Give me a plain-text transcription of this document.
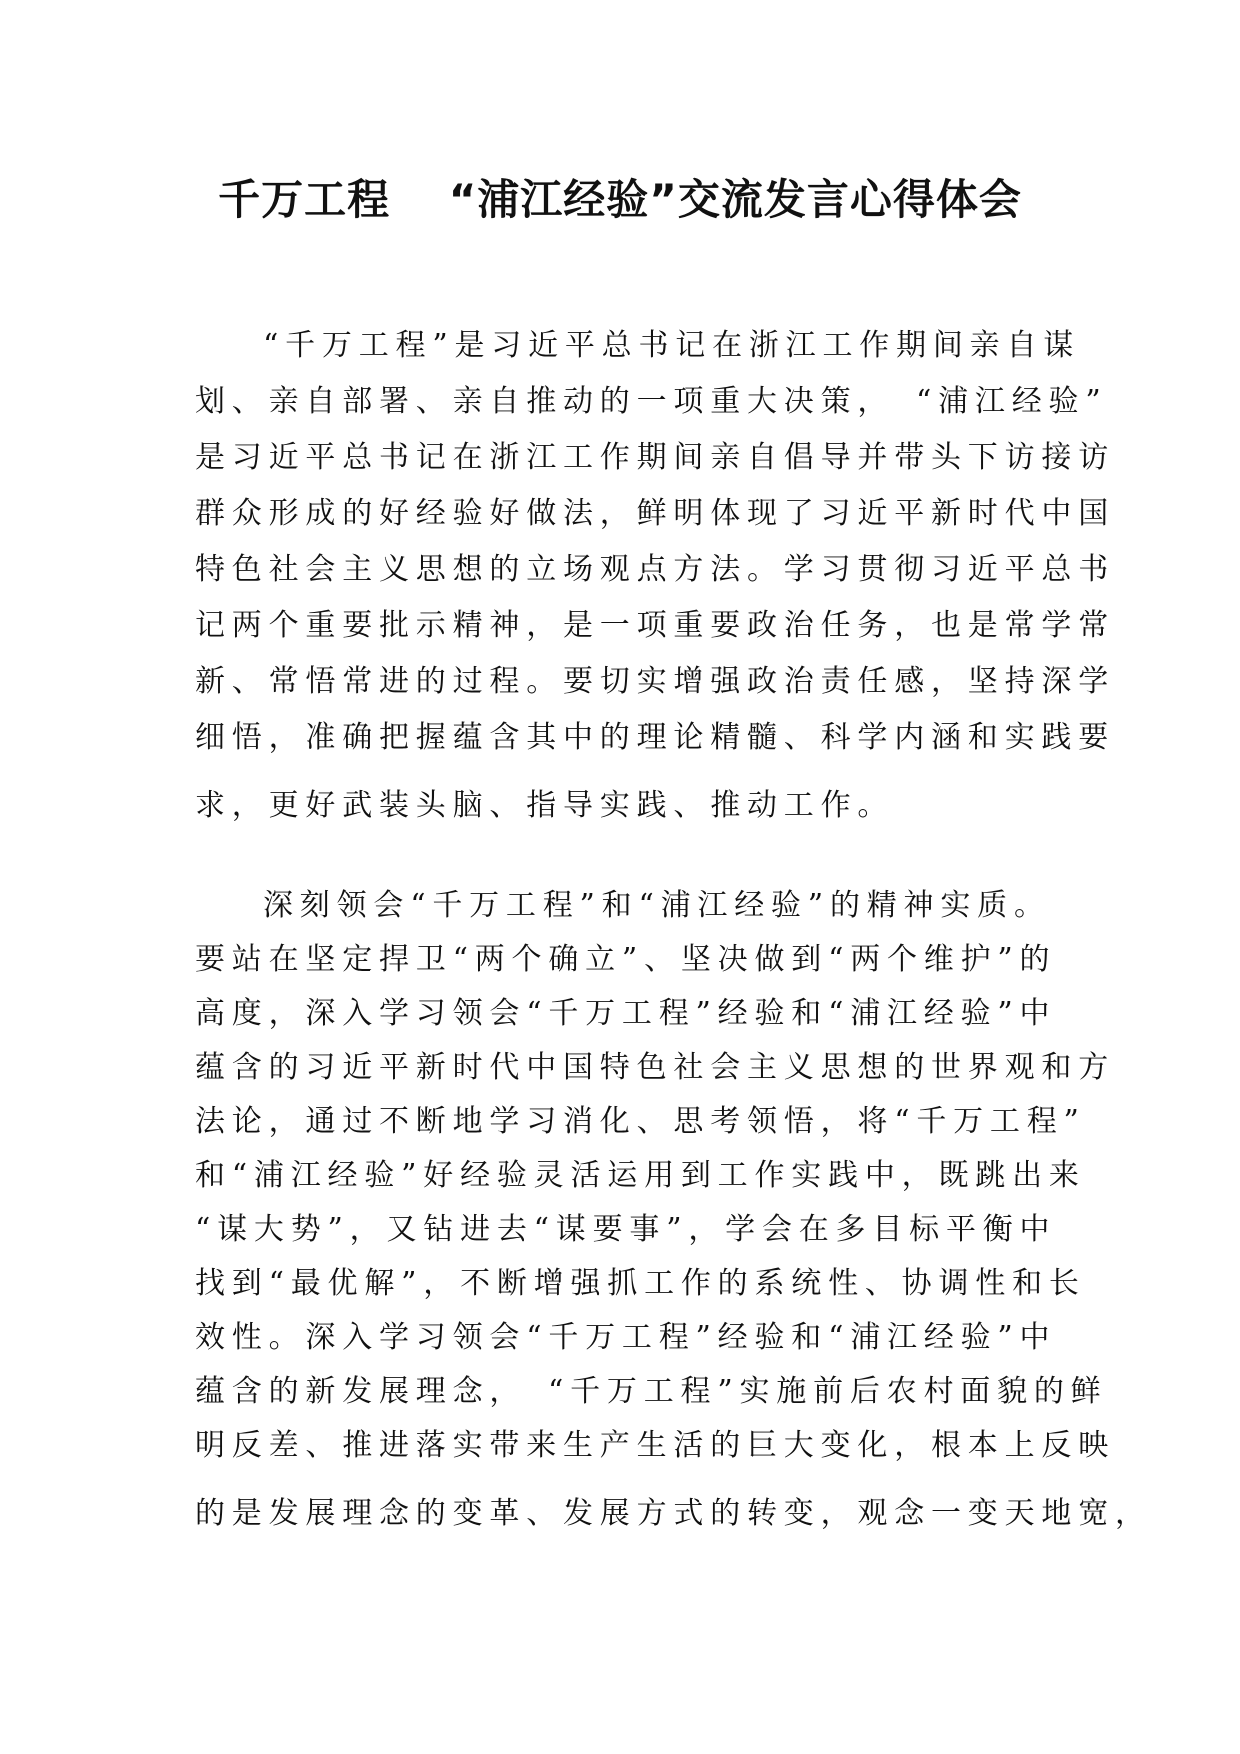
千万工程　 “浦江经验”交流发言心得体会
“千万工程”是习近平总书记在浙江工作期间亲自谋
划、亲自部署、亲自推动的一项重大决策，　“浦江经验”
是习近平总书记在浙江工作期间亲自倡导并带头下访接访
群众形成的好经验好做法，鲜明体现了习近平新时代中国
特色社会主义思想的立场观点方法。学习贯彻习近平总书
记两个重要批示精神，是一项重要政治任务，也是常学常
新、常悟常进的过程。要切实增强政治责任感，坚持深学
细悟，准确把握蕴含其中的理论精髓、科学内涵和实践要
求，更好武装头脑、指导实践、推动工作。
深刻领会“千万工程”和“浦江经验”的精神实质。
要站在坚定捍卫“两个确立”、坚决做到“两个维护”的
高度，深入学习领会“千万工程”经验和“浦江经验”中
蕴含的习近平新时代中国特色社会主义思想的世界观和方
法论，通过不断地学习消化、思考领悟，将“千万工程”
和“浦江经验”好经验灵活运用到工作实践中，既跳出来
“谋大势”，又钻进去“谋要事”，学会在多目标平衡中
找到“最优解”，不断增强抓工作的系统性、协调性和长
效性。深入学习领会“千万工程”经验和“浦江经验”中
蕴含的新发展理念，　“千万工程”实施前后农村面貌的鲜
明反差、推进落实带来生产生活的巨大变化，根本上反映
的是发展理念的变革、发展方式的转变，观念一变天地宽，
